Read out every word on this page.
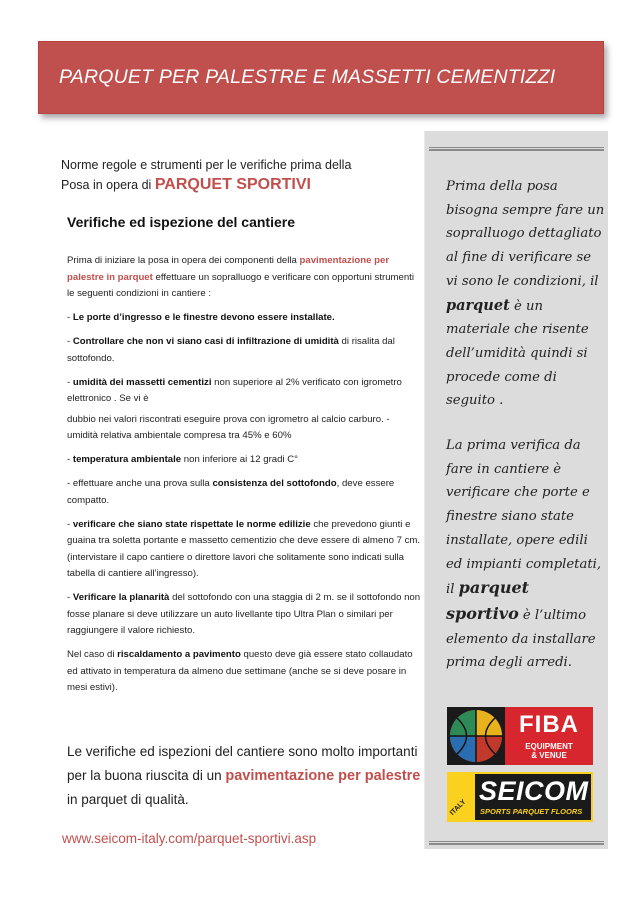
PARQUET PER PALESTRE E MASSETTI CEMENTIZZI

Norme regole e strumenti per le verifiche prima della
Posa in opera di PARQUET SPORTIVI

Verifiche ed ispezione del cantiere

Prima di iniziare la posa in opera dei componenti della pavimentazione per palestre in parquet effettuare un sopralluogo e verificare con opportuni strumenti le seguenti condizioni in cantiere :

- Le porte d’ingresso e le finestre devono essere installate.

- Controllare che non vi siano casi di infiltrazione di umidità di risalita dal sottofondo.

- umidità dei massetti cementizi non superiore al 2% verificato con igrometro elettronico . Se vi è

dubbio nei valori riscontrati eseguire prova con igrometro al calcio carburo. - umidità relativa ambientale compresa tra 45% e 60%

- temperatura ambientale non inferiore ai 12 gradi C°

- effettuare anche una prova sulla consistenza del sottofondo, deve essere compatto.

- verificare che siano state rispettate le norme edilizie che prevedono giunti e guaina tra soletta portante e massetto cementizio che deve essere di almeno 7 cm. (intervistare il capo cantiere o direttore lavori che solitamente sono indicati sulla tabella di cantiere all’ingresso).

- Verificare la planarità del sottofondo con una staggia di 2 m. se il sottofondo non fosse planare si deve utilizzare un auto livellante tipo Ultra Plan o similari per raggiungere il valore richiesto.

Nel caso di riscaldamento a pavimento questo deve già essere stato collaudato ed attivato in temperatura da almeno due settimane (anche se si deve posare in mesi estivi).

Le verifiche ed ispezioni del cantiere sono molto importanti per la buona riuscita di un pavimentazione per palestre in parquet di qualità.

www.seicom-italy.com/parquet-sportivi.asp

Prima della posa bisogna sempre fare un sopralluogo dettagliato al fine di verificare se vi sono le condizioni, il parquet è un materiale che risente dell’umidità quindi si procede come di seguito .
La prima verifica da fare in cantiere è verificare che porte e finestre siano state installate, opere edili ed impianti completati, il parquet sportivo è l’ultimo elemento da installare prima degli arredi.
FIBA
EQUIPMENT
& VENUE
ITALY
SEICOM
SPORTS PARQUET FLOORS
